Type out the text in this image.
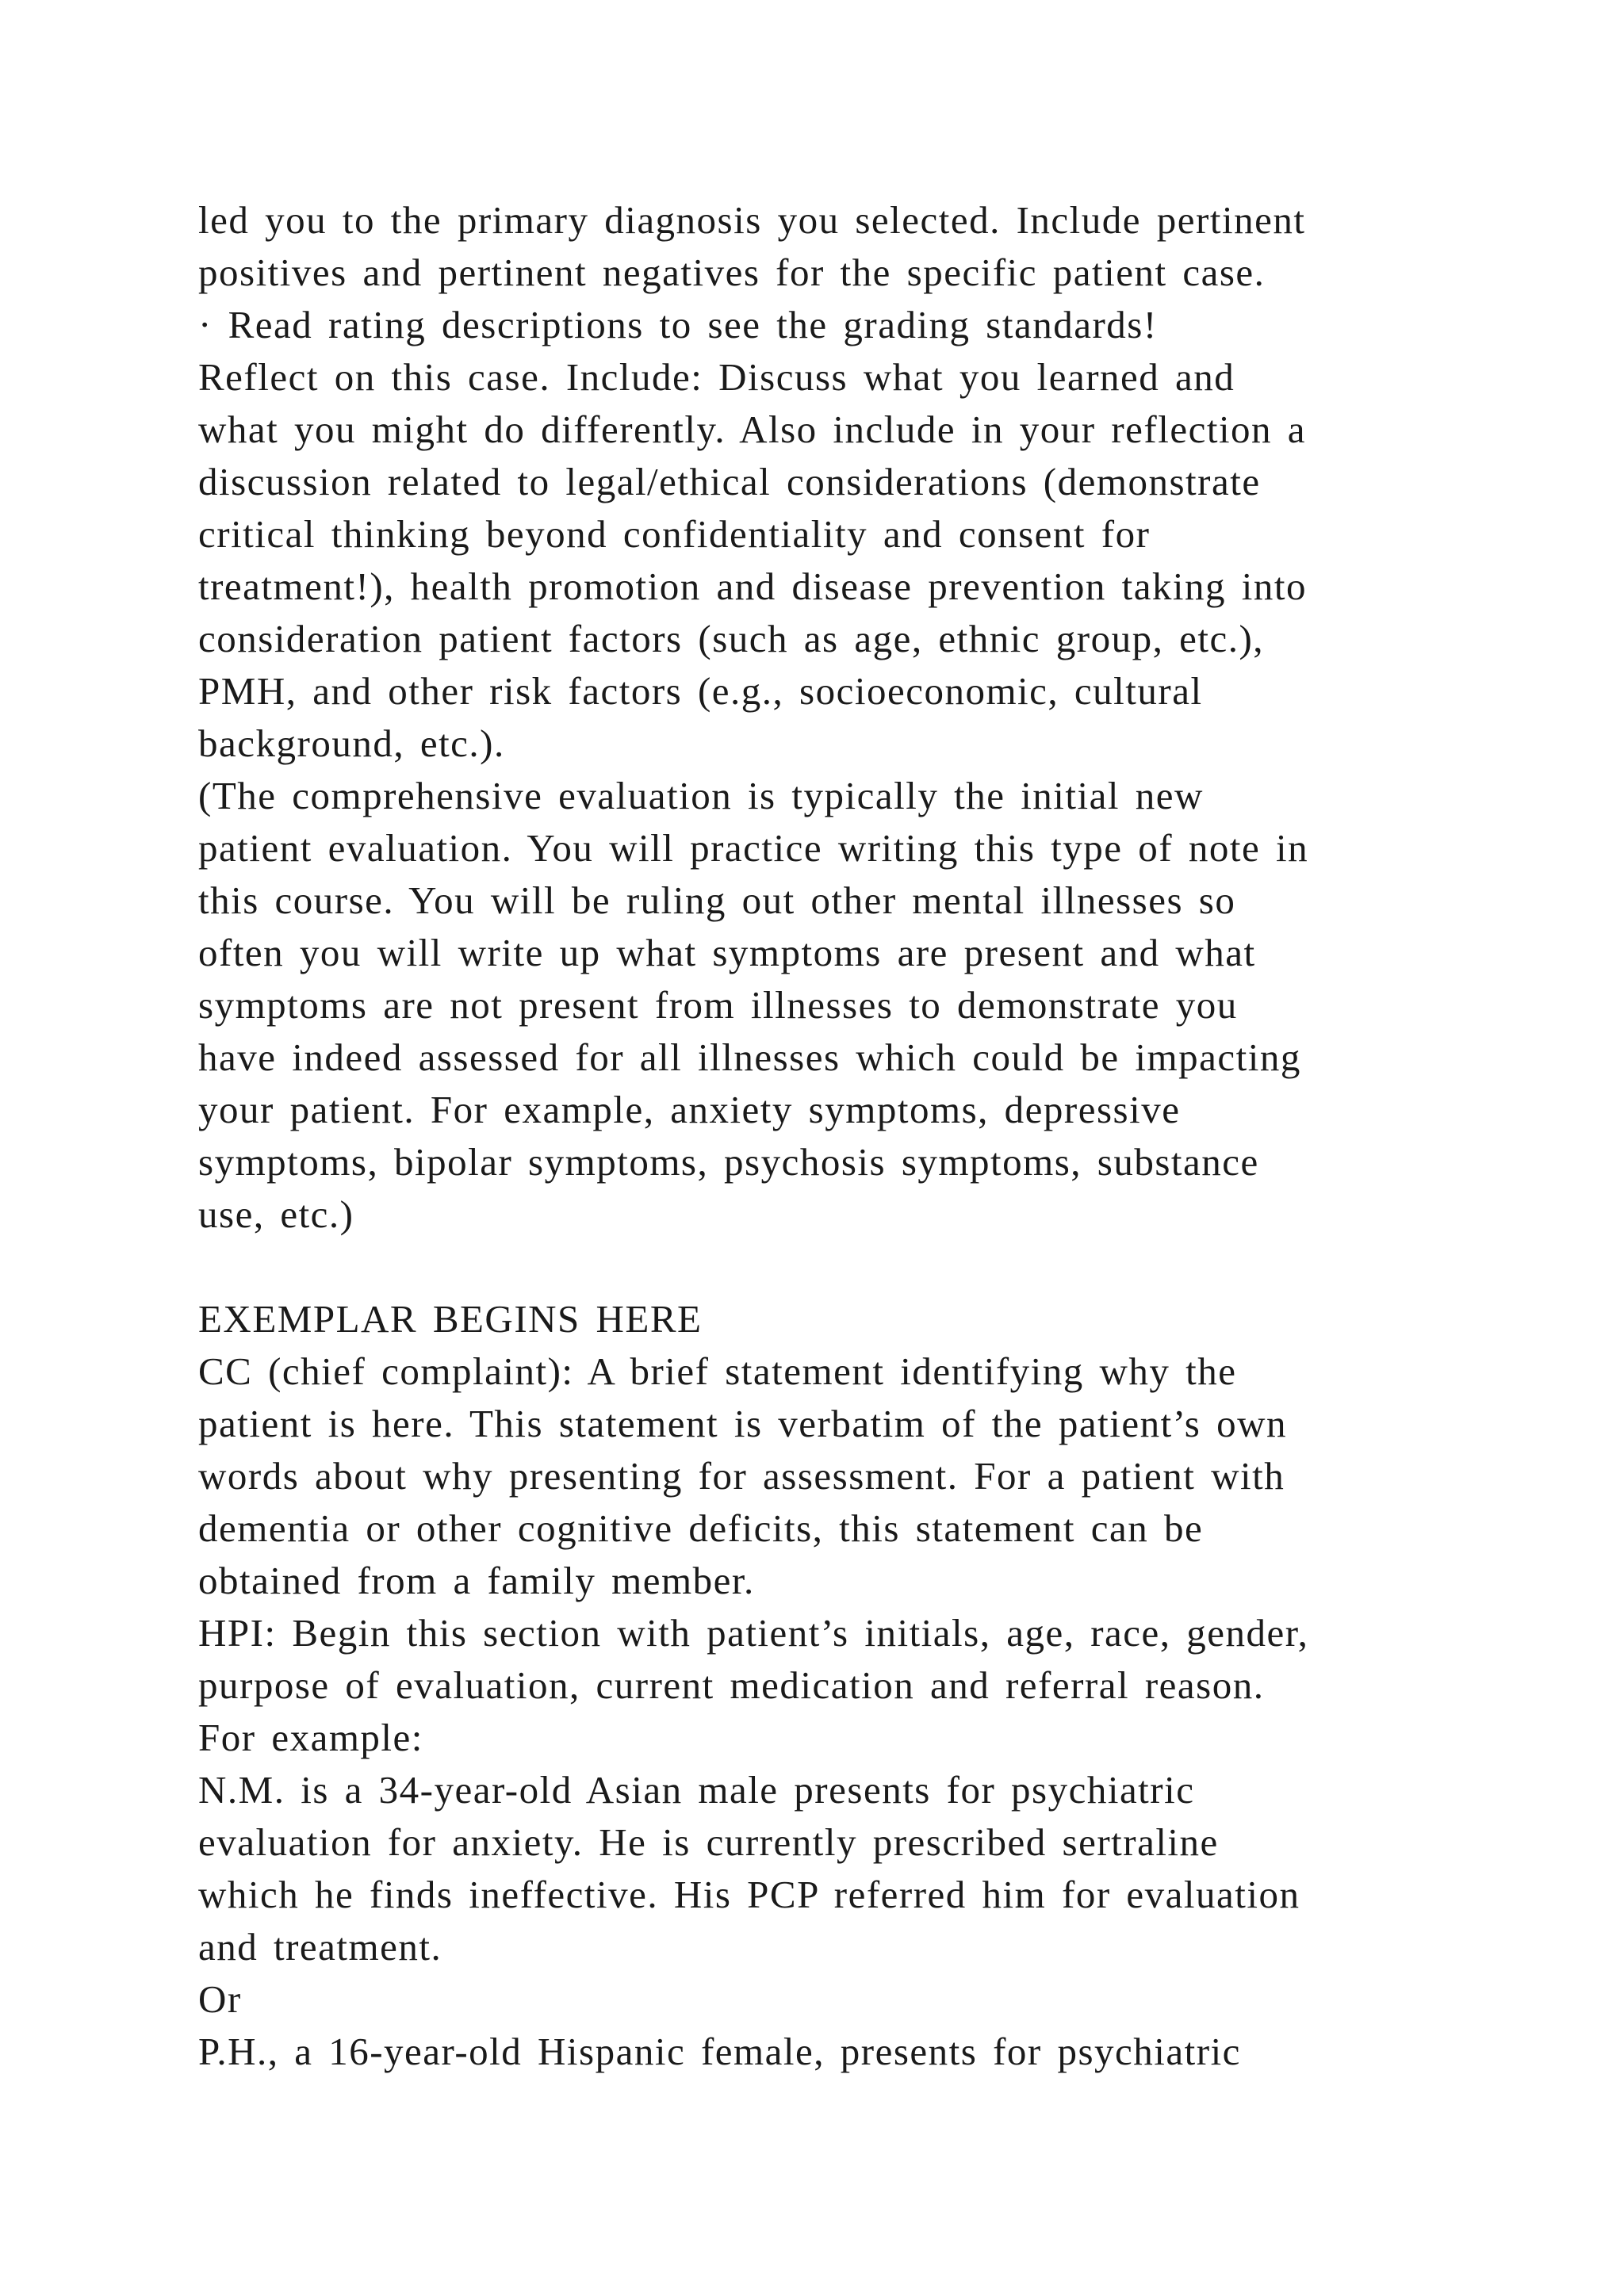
led you to the primary diagnosis you selected. Include pertinent
positives and pertinent negatives for the specific patient case.
· Read rating descriptions to see the grading standards!
Reflect on this case. Include: Discuss what you learned and
what you might do differently. Also include in your reflection a
discussion related to legal/ethical considerations (demonstrate
critical thinking beyond confidentiality and consent for
treatment!), health promotion and disease prevention taking into
consideration patient factors (such as age, ethnic group, etc.),
PMH, and other risk factors (e.g., socioeconomic, cultural
background, etc.).
(The comprehensive evaluation is typically the initial new
patient evaluation. You will practice writing this type of note in
this course. You will be ruling out other mental illnesses so
often you will write up what symptoms are present and what
symptoms are not present from illnesses to demonstrate you
have indeed assessed for all illnesses which could be impacting
your patient. For example, anxiety symptoms, depressive
symptoms, bipolar symptoms, psychosis symptoms, substance
use, etc.)
EXEMPLAR BEGINS HERE
CC (chief complaint): A brief statement identifying why the
patient is here. This statement is verbatim of the patient’s own
words about why presenting for assessment. For a patient with
dementia or other cognitive deficits, this statement can be
obtained from a family member.
HPI: Begin this section with patient’s initials, age, race, gender,
purpose of evaluation, current medication and referral reason.
For example:
N.M. is a 34-year-old Asian male presents for psychiatric
evaluation for anxiety. He is currently prescribed sertraline
which he finds ineffective. His PCP referred him for evaluation
and treatment.
Or
P.H., a 16-year-old Hispanic female, presents for psychiatric
